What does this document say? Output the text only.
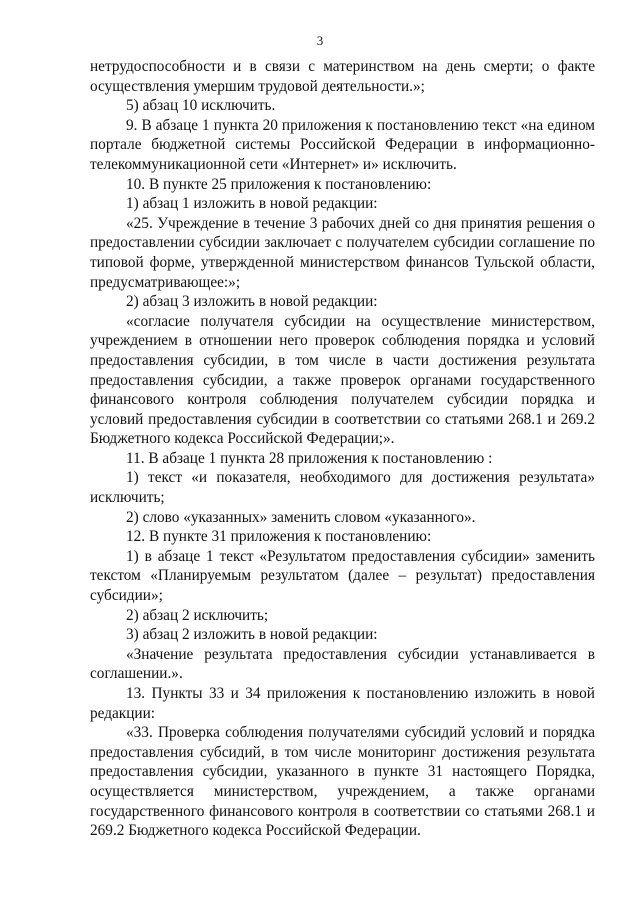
3

нетрудоспособности и в связи с материнством на день смерти; о факте осуществления умершим трудовой деятельности.»;

5) абзац 10 исключить.

9. В абзаце 1 пункта 20 приложения к постановлению текст «на едином портале бюджетной системы Российской Федерации в информационно-телекоммуникационной сети «Интернет» и» исключить.

10. В пункте 25 приложения к постановлению:

1) абзац 1 изложить в новой редакции:

«25. Учреждение в течение 3 рабочих дней со дня принятия решения о предоставлении субсидии заключает с получателем субсидии соглашение по типовой форме, утвержденной министерством финансов Тульской области, предусматривающее:»;

2) абзац 3 изложить в новой редакции:

«согласие получателя субсидии на осуществление министерством, учреждением в отношении него проверок соблюдения порядка и условий предоставления субсидии, в том числе в части достижения результата предоставления субсидии, а также проверок органами государственного финансового контроля соблюдения получателем субсидии порядка и условий предоставления субсидии в соответствии со статьями 268.1 и 269.2 Бюджетного кодекса Российской Федерации;».

11. В абзаце 1 пункта 28 приложения к постановлению :

1) текст «и показателя, необходимого для достижения результата» исключить;

2) слово «указанных» заменить словом «указанного».

12. В пункте 31 приложения к постановлению:

1) в абзаце 1 текст «Результатом предоставления субсидии» заменить текстом «Планируемым результатом (далее – результат) предоставления субсидии»;

2) абзац 2 исключить;

3) абзац 2 изложить в новой редакции:

«Значение результата предоставления субсидии устанавливается в соглашении.».

13. Пункты 33 и 34 приложения к постановлению изложить в новой редакции:

«33. Проверка соблюдения получателями субсидий условий и порядка предоставления субсидий, в том числе мониторинг достижения результата предоставления субсидии, указанного в пункте 31 настоящего Порядка, осуществляется министерством, учреждением, а также органами государственного финансового контроля в соответствии со статьями 268.1 и 269.2 Бюджетного кодекса Российской Федерации.
